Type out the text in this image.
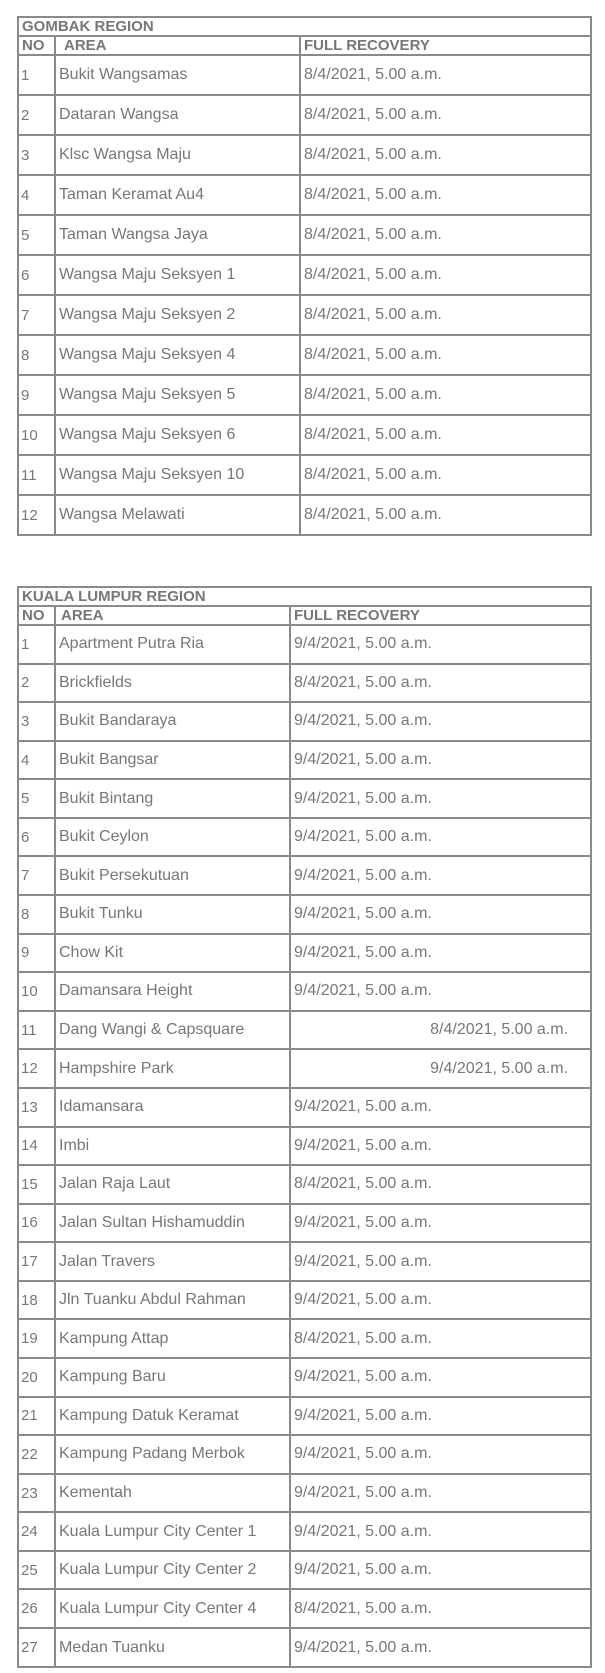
GOMBAK REGION		
NO	AREA	FULL RECOVERY
1	Bukit Wangsamas	8/4/2021, 5.00 a.m.
2	Dataran Wangsa	8/4/2021, 5.00 a.m.
3	Klsc Wangsa Maju	8/4/2021, 5.00 a.m.
4	Taman Keramat Au4	8/4/2021, 5.00 a.m.
5	Taman Wangsa Jaya	8/4/2021, 5.00 a.m.
6	Wangsa Maju Seksyen 1	8/4/2021, 5.00 a.m.
7	Wangsa Maju Seksyen 2	8/4/2021, 5.00 a.m.
8	Wangsa Maju Seksyen 4	8/4/2021, 5.00 a.m.
9	Wangsa Maju Seksyen 5	8/4/2021, 5.00 a.m.
10	Wangsa Maju Seksyen 6	8/4/2021, 5.00 a.m.
11	Wangsa Maju Seksyen 10	8/4/2021, 5.00 a.m.
12	Wangsa Melawati	8/4/2021, 5.00 a.m.
KUALA LUMPUR REGION		
NO	AREA	FULL RECOVERY
1	Apartment Putra Ria	9/4/2021, 5.00 a.m.
2	Brickfields	8/4/2021, 5.00 a.m.
3	Bukit Bandaraya	9/4/2021, 5.00 a.m.
4	Bukit Bangsar	9/4/2021, 5.00 a.m.
5	Bukit Bintang	9/4/2021, 5.00 a.m.
6	Bukit Ceylon	9/4/2021, 5.00 a.m.
7	Bukit Persekutuan	9/4/2021, 5.00 a.m.
8	Bukit Tunku	9/4/2021, 5.00 a.m.
9	Chow Kit	9/4/2021, 5.00 a.m.
10	Damansara Height	9/4/2021, 5.00 a.m.
11	Dang Wangi & Capsquare	8/4/2021, 5.00 a.m.
12	Hampshire Park	9/4/2021, 5.00 a.m.
13	Idamansara	9/4/2021, 5.00 a.m.
14	Imbi	9/4/2021, 5.00 a.m.
15	Jalan Raja Laut	8/4/2021, 5.00 a.m.
16	Jalan Sultan Hishamuddin	9/4/2021, 5.00 a.m.
17	Jalan Travers	9/4/2021, 5.00 a.m.
18	Jln Tuanku Abdul Rahman	9/4/2021, 5.00 a.m.
19	Kampung Attap	8/4/2021, 5.00 a.m.
20	Kampung Baru	9/4/2021, 5.00 a.m.
21	Kampung Datuk Keramat	9/4/2021, 5.00 a.m.
22	Kampung Padang Merbok	9/4/2021, 5.00 a.m.
23	Kementah	9/4/2021, 5.00 a.m.
24	Kuala Lumpur City Center 1	9/4/2021, 5.00 a.m.
25	Kuala Lumpur City Center 2	9/4/2021, 5.00 a.m.
26	Kuala Lumpur City Center 4	8/4/2021, 5.00 a.m.
27	Medan Tuanku	9/4/2021, 5.00 a.m.
